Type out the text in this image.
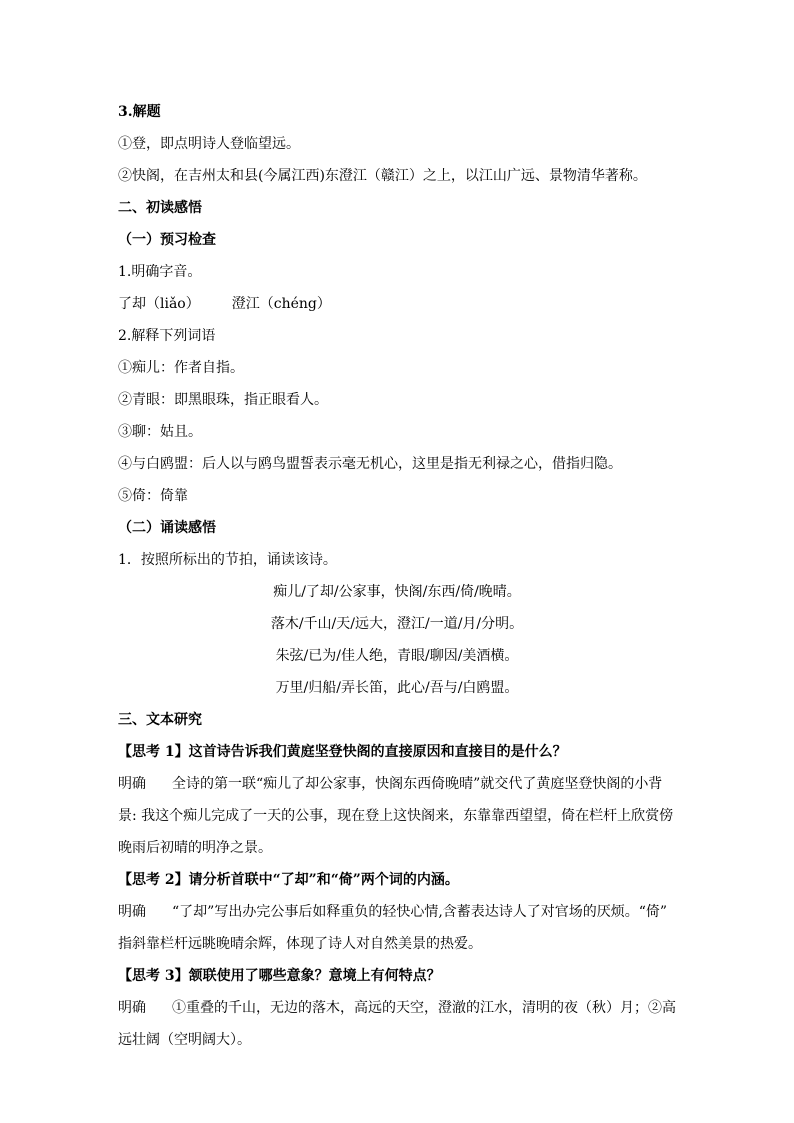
3.解题
①登，即点明诗人登临望远。
②快阁，在吉州太和县(今属江西)东澄江（赣江）之上，以江山广远、景物清华著称。
二、初读感悟
（一）预习检查
1.明确字音。
了却（liǎo） 澄江（chéng）
2.解释下列词语
①痴儿：作者自指。
②青眼：即黑眼珠，指正眼看人。
③聊：姑且。
④与白鸥盟：后人以与鸥鸟盟誓表示毫无机心，这里是指无利禄之心，借指归隐。
⑤倚：倚靠
（二）诵读感悟
1．按照所标出的节拍，诵读该诗。
痴儿/了却/公家事，快阁/东西/倚/晚晴。
落木/千山/天/远大，澄江/一道/月/分明。
朱弦/已为/佳人绝，青眼/聊因/美酒横。
万里/归船/弄长笛，此心/吾与/白鸥盟。
三、文本研究
【思考 1】这首诗告诉我们黄庭坚登快阁的直接原因和直接目的是什么？
明确 全诗的第一联“痴儿了却公家事，快阁东西倚晚晴”就交代了黄庭坚登快阁的小背
景: 我这个痴儿完成了一天的公事，现在登上这快阁来，东靠靠西望望，倚在栏杆上欣赏傍
晚雨后初晴的明净之景。
【思考 2】请分析首联中“了却”和“倚”两个词的内涵。
明确 “了却”写出办完公事后如释重负的轻快心情,含蓄表达诗人了对官场的厌烦。“倚”
指斜靠栏杆远眺晚晴余辉，体现了诗人对自然美景的热爱。
【思考 3】颔联使用了哪些意象？意境上有何特点？
明确 ①重叠的千山，无边的落木，高远的天空，澄澈的江水，清明的夜（秋）月；②高
远壮阔（空明阔大）。
